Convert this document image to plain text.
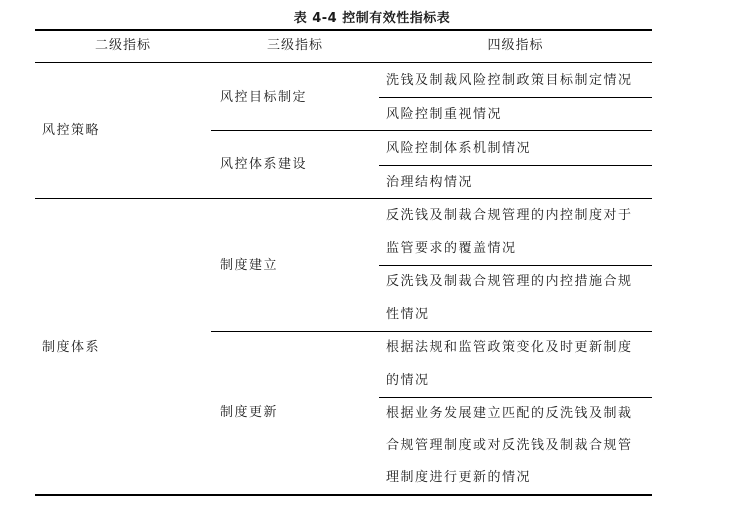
表 4-4 控制有效性指标表
二级指标	三级指标	四级指标
风控策略
制度体系
风控目标制定
风控体系建设
制度建立
制度更新
洗钱及制裁风险控制政策目标制定情况
风险控制重视情况
风险控制体系机制情况
治理结构情况
反洗钱及制裁合规管理的内控制度对于
监管要求的覆盖情况
反洗钱及制裁合规管理的内控措施合规
性情况
根据法规和监管政策变化及时更新制度
的情况
根据业务发展建立匹配的反洗钱及制裁
合规管理制度或对反洗钱及制裁合规管
理制度进行更新的情况
